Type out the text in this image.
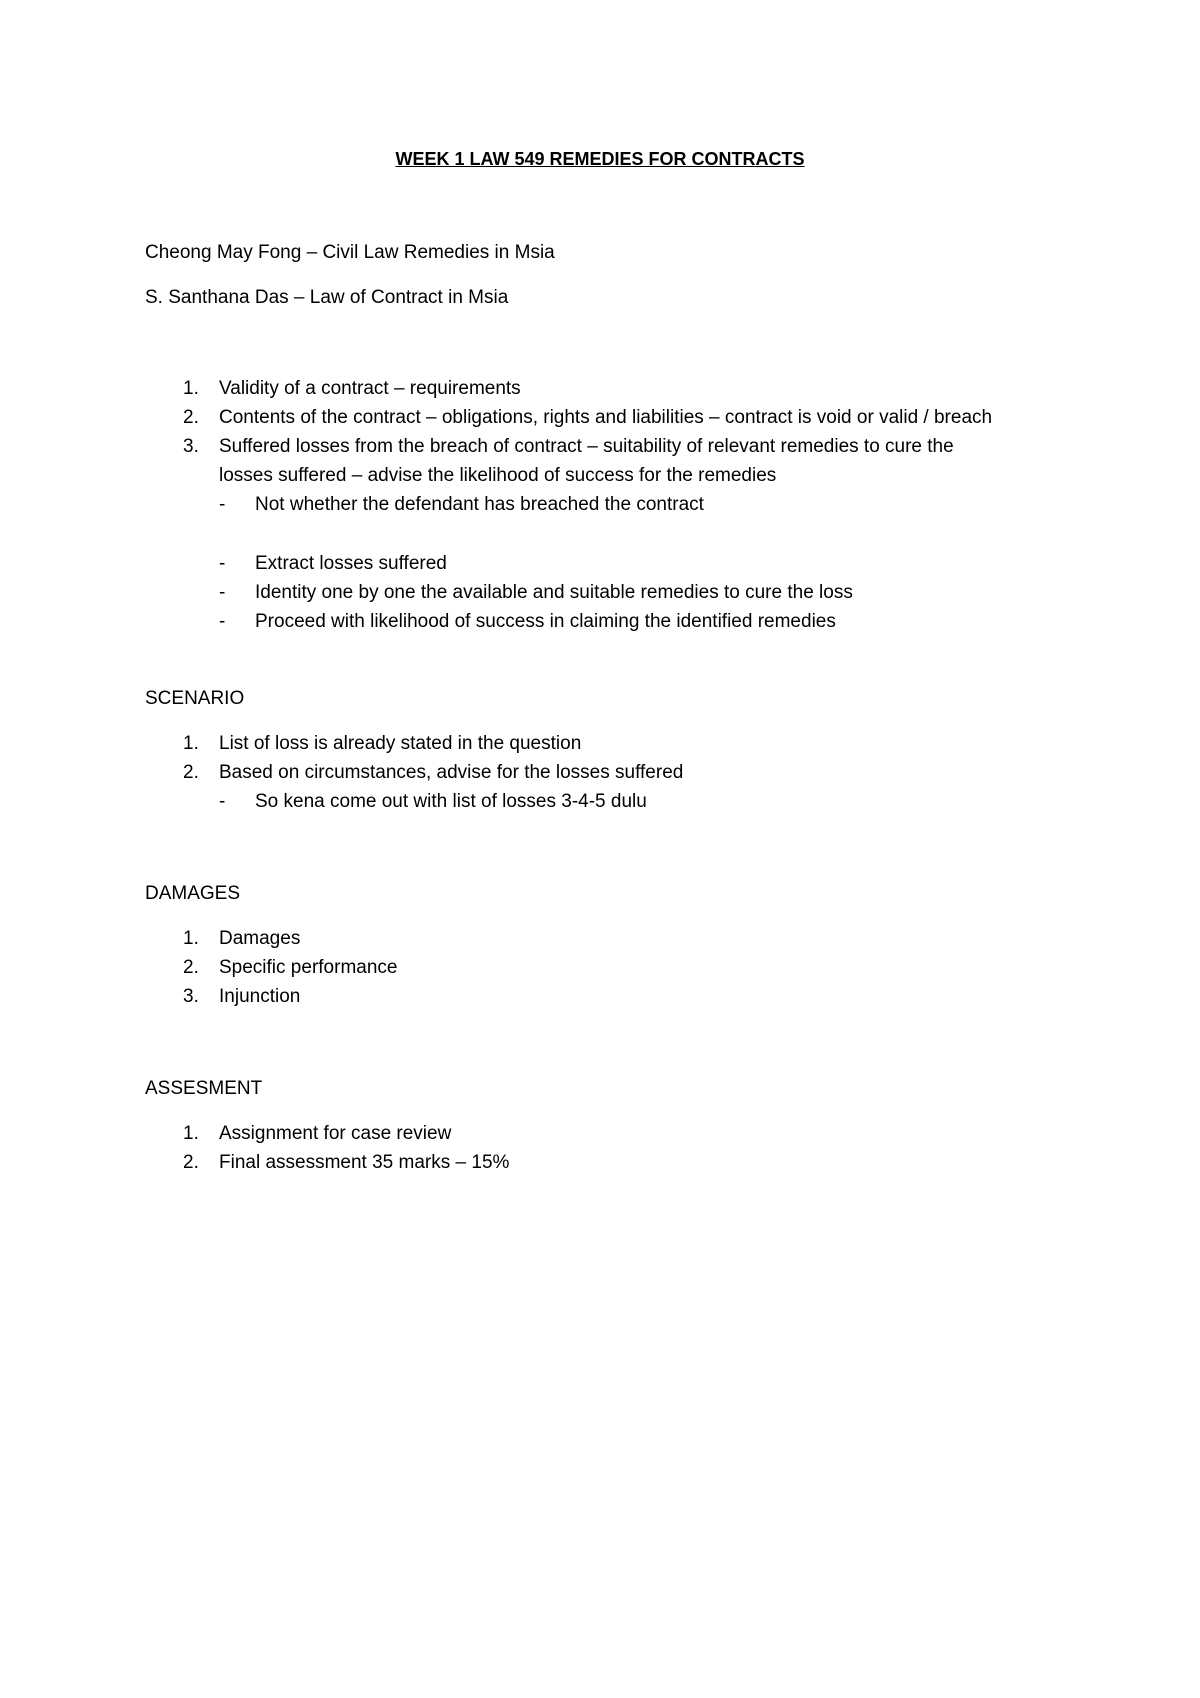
WEEK 1 LAW 549 REMEDIES FOR CONTRACTS
Cheong May Fong – Civil Law Remedies in Msia
S. Santhana Das – Law of Contract in Msia
1. Validity of a contract – requirements
2. Contents of the contract – obligations, rights and liabilities – contract is void or valid / breach
3. Suffered losses from the breach of contract – suitability of relevant remedies to cure the
losses suffered – advise the likelihood of success for the remedies
- Not whether the defendant has breached the contract
- Extract losses suffered
- Identity one by one the available and suitable remedies to cure the loss
- Proceed with likelihood of success in claiming the identified remedies
SCENARIO
1. List of loss is already stated in the question
2. Based on circumstances, advise for the losses suffered
- So kena come out with list of losses 3-4-5 dulu
DAMAGES
1. Damages
2. Specific performance
3. Injunction
ASSESMENT
1. Assignment for case review
2. Final assessment 35 marks – 15%
